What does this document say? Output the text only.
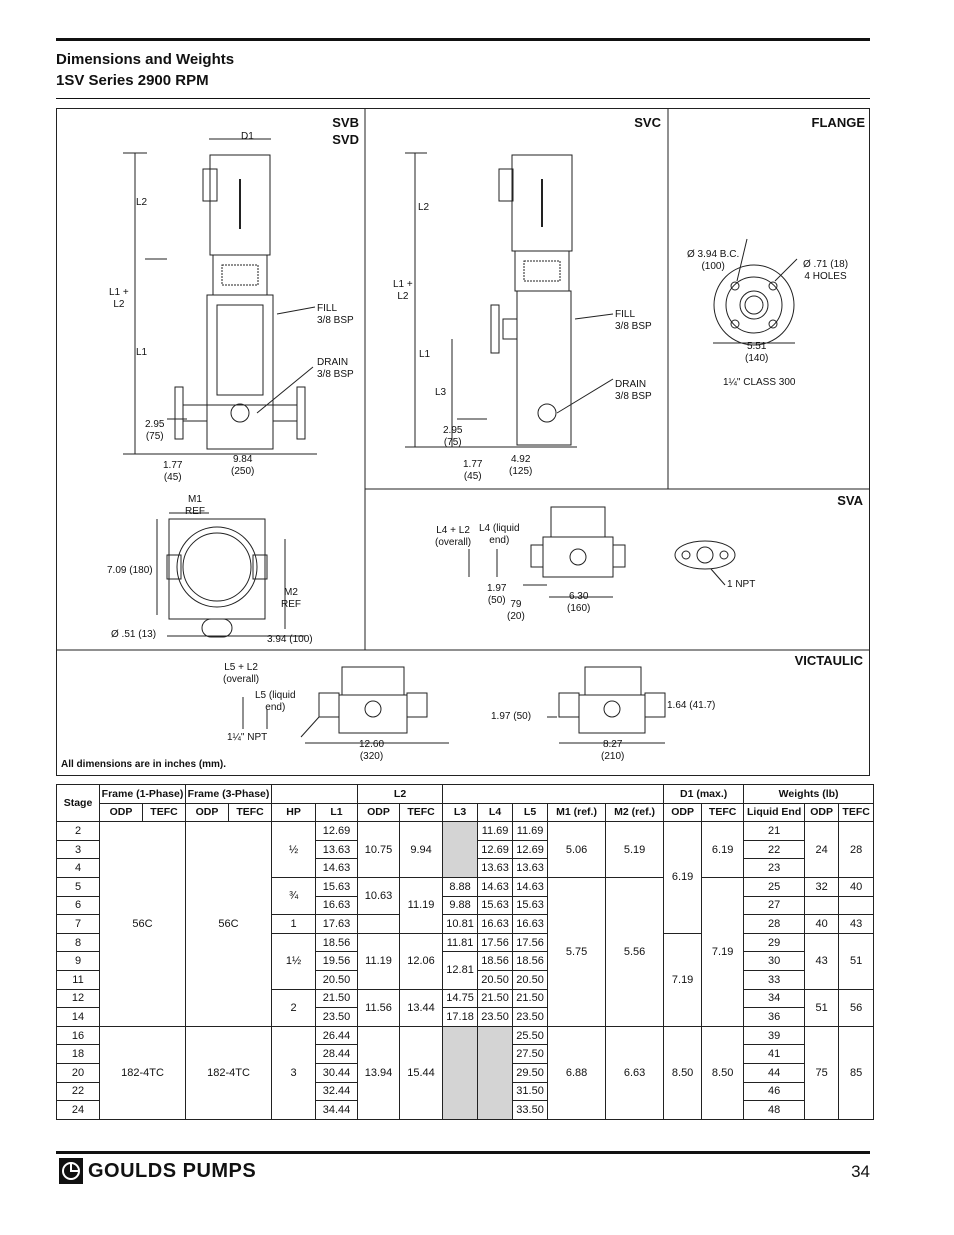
Dimensions and Weights
1SV Series 2900 RPM
SVB
SVD
SVC	FLANGE
SVA
VICTAULIC
D1
L2
L1 +
L2
L1
FILL
3/8 BSP
DRAIN
3/8 BSP
2.95
(75)
9.84
(250)
1.77
(45)
L2
L1 +
L2
L1
L3
FILL
3/8 BSP
DRAIN
3/8 BSP
2.95
(75)
1.77
(45)
4.92
(125)
Ø 3.94 B.C.
(100)	Ø .71 (18)
4 HOLES
5.51
(140)
1¼" CLASS 300
M1
REF
7.09 (180)
M2
REF
Ø .51 (13)	3.94 (100)
L4 + L2
(overall)
L4 (liquid
end)
1.97
(50) 79
(20)
6.30
(160)
1 NPT
L5 + L2
(overall)
L5 (liquid
end)
1¼" NPT
12.60
(320)
1.97 (50)
8.27
(210)
1.64 (41.7)
All dimensions are in inches (mm).
Stage	Frame (1-Phase)		Frame (3-Phase)				L2							D1 (max.)		Weights (lb)		
	ODP	TEFC	ODP	TEFC	HP	L1	ODP	TEFC	L3	L4	L5	M1 (ref.)	M2 (ref.)	ODP	TEFC	Liquid End	ODP	TEFC
2	56C		56C		½	12.69	10.75	9.94		11.69	11.69	5.06	5.19	6.19	6.19	21	24	28
3						13.63				12.69	12.69					22		
4						14.63				13.63	13.63					23		
5					¾	15.63	10.63	11.19	8.88	14.63	14.63	5.75	5.56		7.19	25	32	40
6						16.63			9.88	15.63	15.63					27		
7					1	17.63			10.81	16.63	16.63					28	40	43
8					1½	18.56	11.19	12.06	11.81	17.56	17.56			7.19		29	43	51
9						19.56			12.81	18.56	18.56					30		
11						20.50				20.50	20.50					33		
12					2	21.50	11.56	13.44	14.75	21.50	21.50					34	51	56
14						23.50			17.18	23.50	23.50					36		
16	182-4TC		182-4TC		3	26.44	13.94	15.44			25.50	6.88	6.63	8.50	8.50	39	75	85
18						28.44					27.50					41		
20						30.44					29.50					44		
22						32.44					31.50					46		
24						34.44					33.50					48		
GOULDS PUMPS	34
